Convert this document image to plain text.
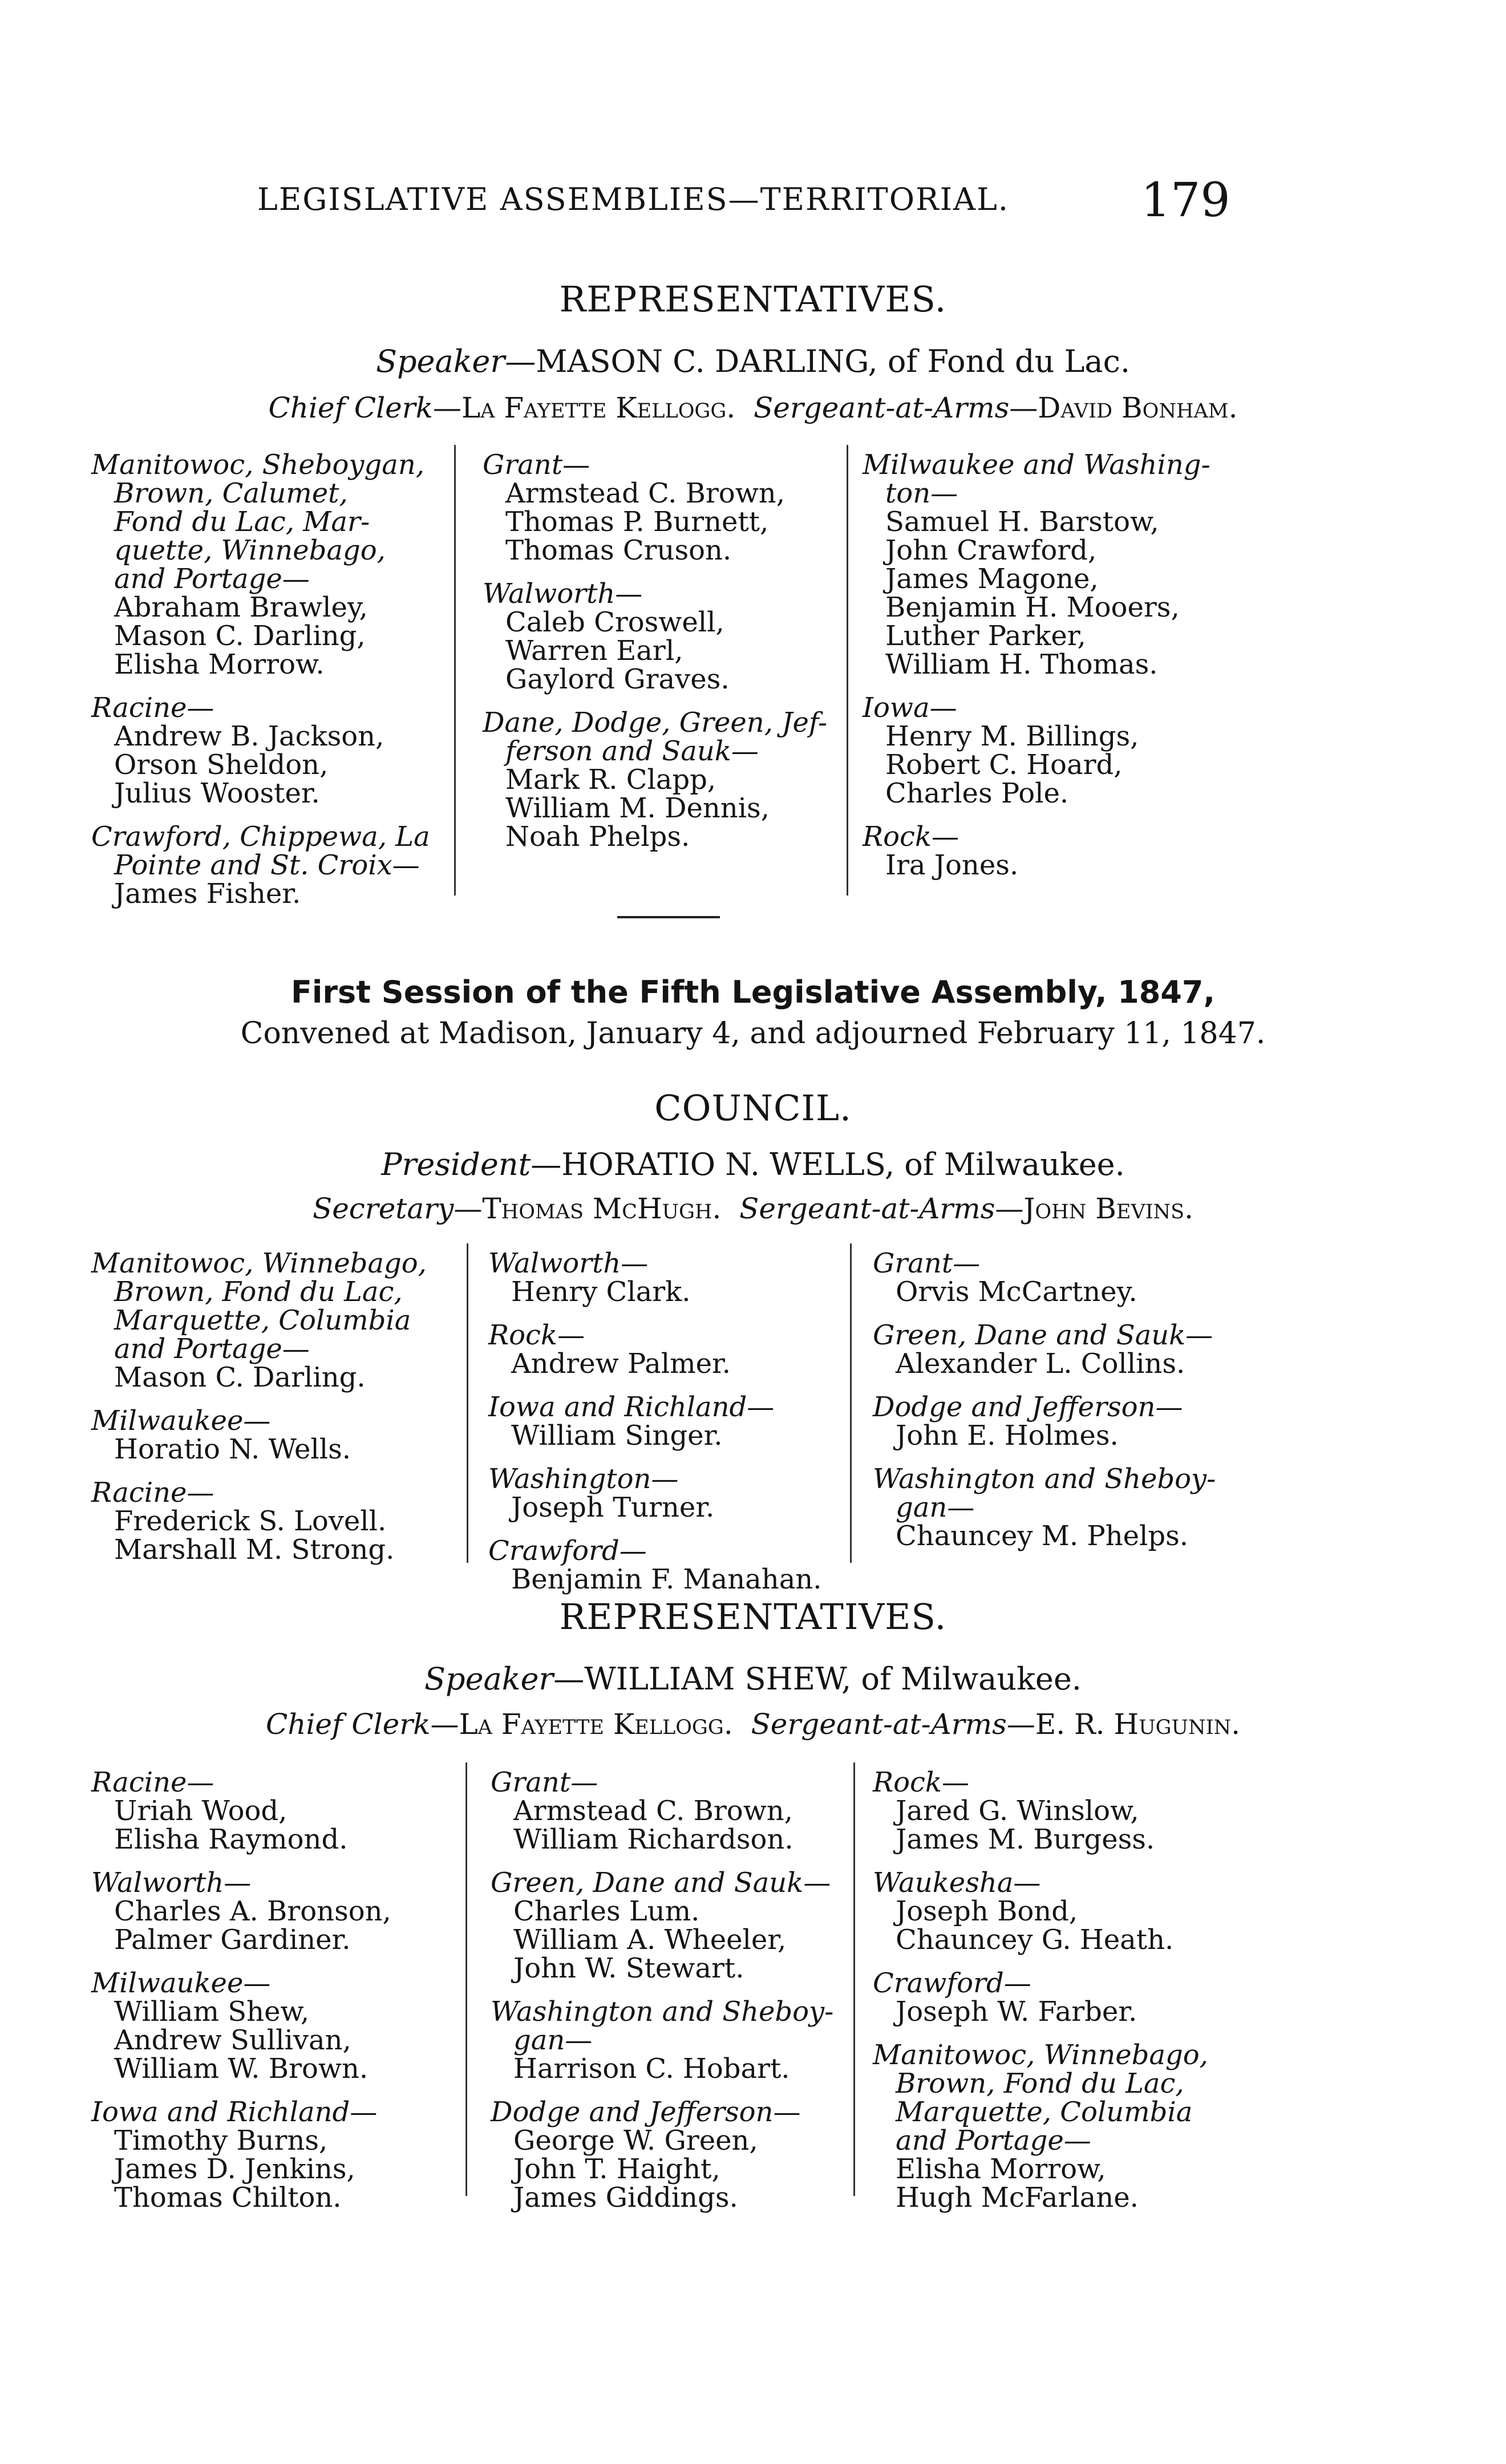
LEGISLATIVE ASSEMBLIES—TERRITORIAL.	179
REPRESENTATIVES.
Speaker—MASON C. DARLING, of Fond du Lac.
Chief Clerk—La Fayette Kellogg. Sergeant-at-Arms—David Bonham.
Manitowoc, Sheboygan,
Brown, Calumet,
Fond du Lac, Mar-
quette, Winnebago,
and Portage—
Abraham Brawley,
Mason C. Darling,
Elisha Morrow.
Racine—
Andrew B. Jackson,
Orson Sheldon,
Julius Wooster.
Crawford, Chippewa, La
Pointe and St. Croix—
James Fisher.
Grant—
Armstead C. Brown,
Thomas P. Burnett,
Thomas Cruson.
Walworth—
Caleb Croswell,
Warren Earl,
Gaylord Graves.
Dane, Dodge, Green, Jef-
ferson and Sauk—
Mark R. Clapp,
William M. Dennis,
Noah Phelps.
Milwaukee and Washing-
ton—
Samuel H. Barstow,
John Crawford,
James Magone,
Benjamin H. Mooers,
Luther Parker,
William H. Thomas.
Iowa—
Henry M. Billings,
Robert C. Hoard,
Charles Pole.
Rock—
Ira Jones.
First Session of the Fifth Legislative Assembly, 1847,
Convened at Madison, January 4, and adjourned February 11, 1847.
COUNCIL.
President—HORATIO N. WELLS, of Milwaukee.
Secretary—Thomas McHugh. Sergeant-at-Arms—John Bevins.
Manitowoc, Winnebago,
Brown, Fond du Lac,
Marquette, Columbia
and Portage—
Mason C. Darling.
Milwaukee—
Horatio N. Wells.
Racine—
Frederick S. Lovell.
Marshall M. Strong.
Walworth—
Henry Clark.
Rock—
Andrew Palmer.
Iowa and Richland—
William Singer.
Washington—
Joseph Turner.
Crawford—
Benjamin F. Manahan.
Grant—
Orvis McCartney.
Green, Dane and Sauk—
Alexander L. Collins.
Dodge and Jefferson—
John E. Holmes.
Washington and Sheboy-
gan—
Chauncey M. Phelps.
REPRESENTATIVES.
Speaker—WILLIAM SHEW, of Milwaukee.
Chief Clerk—La Fayette Kellogg. Sergeant-at-Arms—E. R. Hugunin.
Racine—
Uriah Wood,
Elisha Raymond.
Walworth—
Charles A. Bronson,
Palmer Gardiner.
Milwaukee—
William Shew,
Andrew Sullivan,
William W. Brown.
Iowa and Richland—
Timothy Burns,
James D. Jenkins,
Thomas Chilton.
Grant—
Armstead C. Brown,
William Richardson.
Green, Dane and Sauk—
Charles Lum.
William A. Wheeler,
John W. Stewart.
Washington and Sheboy-
gan—
Harrison C. Hobart.
Dodge and Jefferson—
George W. Green,
John T. Haight,
James Giddings.
Rock—
Jared G. Winslow,
James M. Burgess.
Waukesha—
Joseph Bond,
Chauncey G. Heath.
Crawford—
Joseph W. Farber.
Manitowoc, Winnebago,
Brown, Fond du Lac,
Marquette, Columbia
and Portage—
Elisha Morrow,
Hugh McFarlane.
